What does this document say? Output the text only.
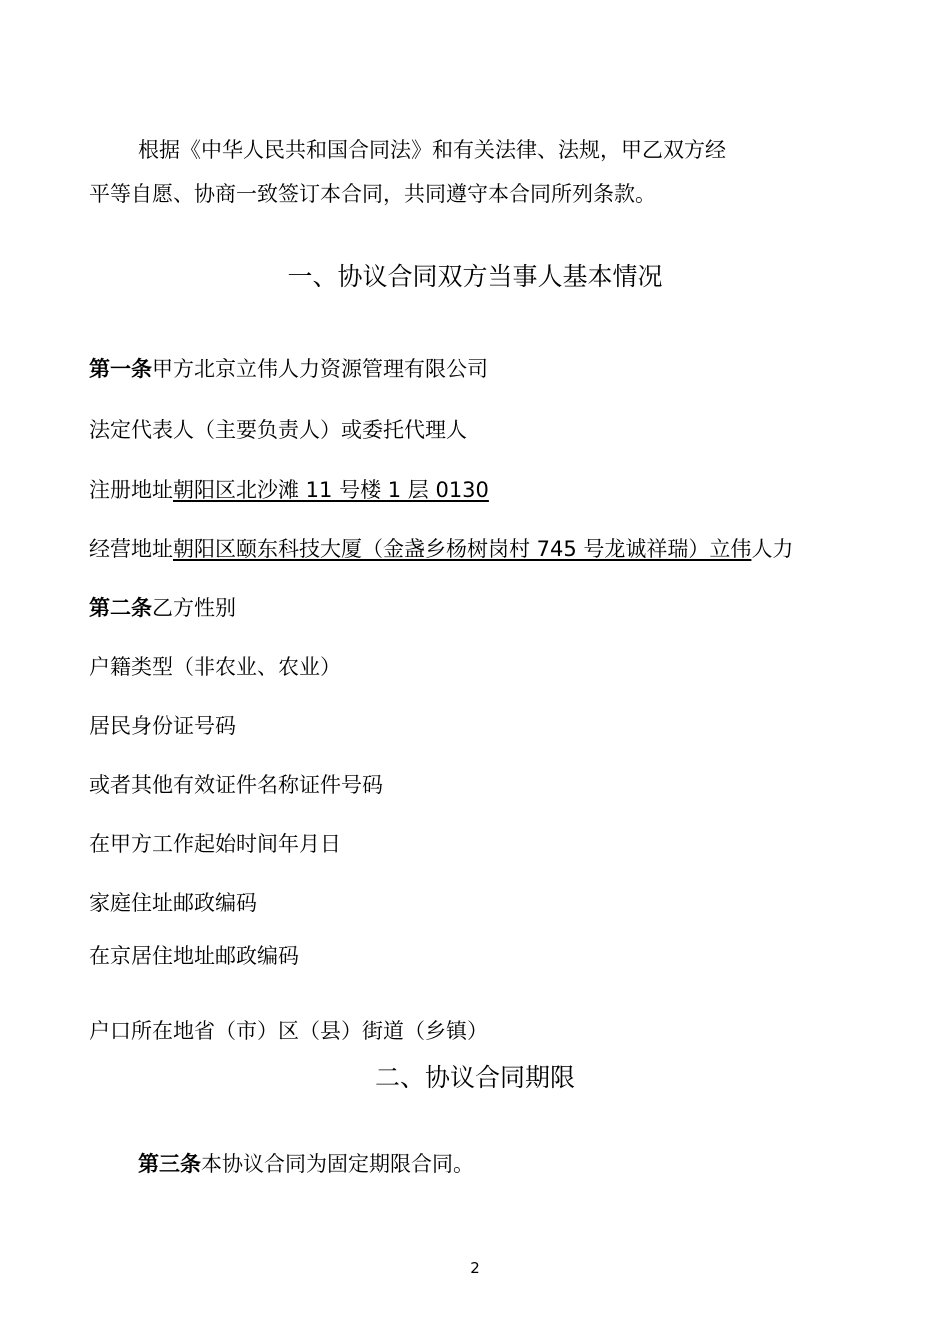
根据《中华人民共和国合同法》和有关法律、法规，甲乙双方经
平等自愿、协商一致签订本合同，共同遵守本合同所列条款。
一、协议合同双方当事人基本情况
第一条甲方北京立伟人力资源管理有限公司
法定代表人（主要负责人）或委托代理人
注册地址朝阳区北沙滩 11 号楼 1 层 0130
经营地址朝阳区颐东科技大厦（金盏乡杨树岗村 745 号龙诚祥瑞）立伟人力
第二条乙方性别
户籍类型（非农业、农业）
居民身份证号码
或者其他有效证件名称证件号码
在甲方工作起始时间年月日
家庭住址邮政编码
在京居住地址邮政编码
户口所在地省（市）区（县）街道（乡镇）
二、协议合同期限
第三条本协议合同为固定期限合同。
2
